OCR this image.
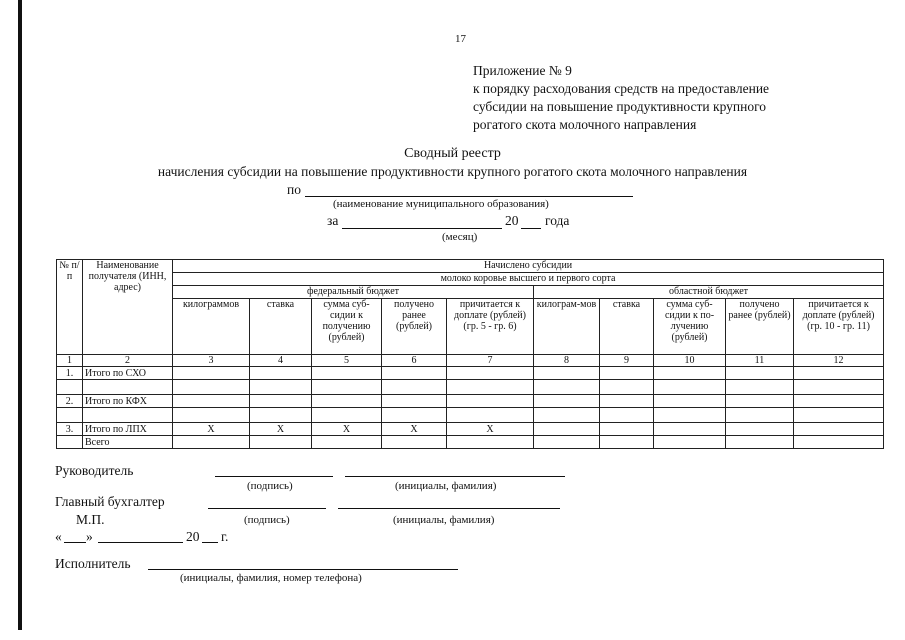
17
Приложение № 9
к порядку расходования средств на предоставление
субсидии на повышение продуктивности крупного
рогатого скота молочного направления
Сводный реестр
начисления субсидии на повышение продуктивности крупного рогатого скота молочного направления
по
(наименование муниципального образования)
за	20 года
(месяц)
№ п/п	Наименование получателя (ИНН, адрес)	Начислено субсидии									
		молоко коровье высшего и первого сорта									
		федеральный бюджет					областной бюджет				
		килограммов	ставка	сумма суб-сидии к получению (рублей)	получено ранее (рублей)	причитается к доплате (рублей) (гр. 5 - гр. 6)	килограм-мов	ставка	сумма суб-сидии к по-лучению (рублей)	получено ранее (рублей)	причитается к доплате (рублей) (гр. 10 - гр. 11)
1	2	3	4	5	6	7	8	9	10	11	12
1.	Итого по СХО										

2.	Итого по КФХ										

3.	Итого по ЛПХ	Х	Х	Х	Х	Х					
	Всего										
Руководитель
(подпись)	(инициалы, фамилия)
Главный бухгалтер
М.П.	(подпись)	(инициалы, фамилия)
« »	20 г.
Исполнитель
(инициалы, фамилия, номер телефона)
